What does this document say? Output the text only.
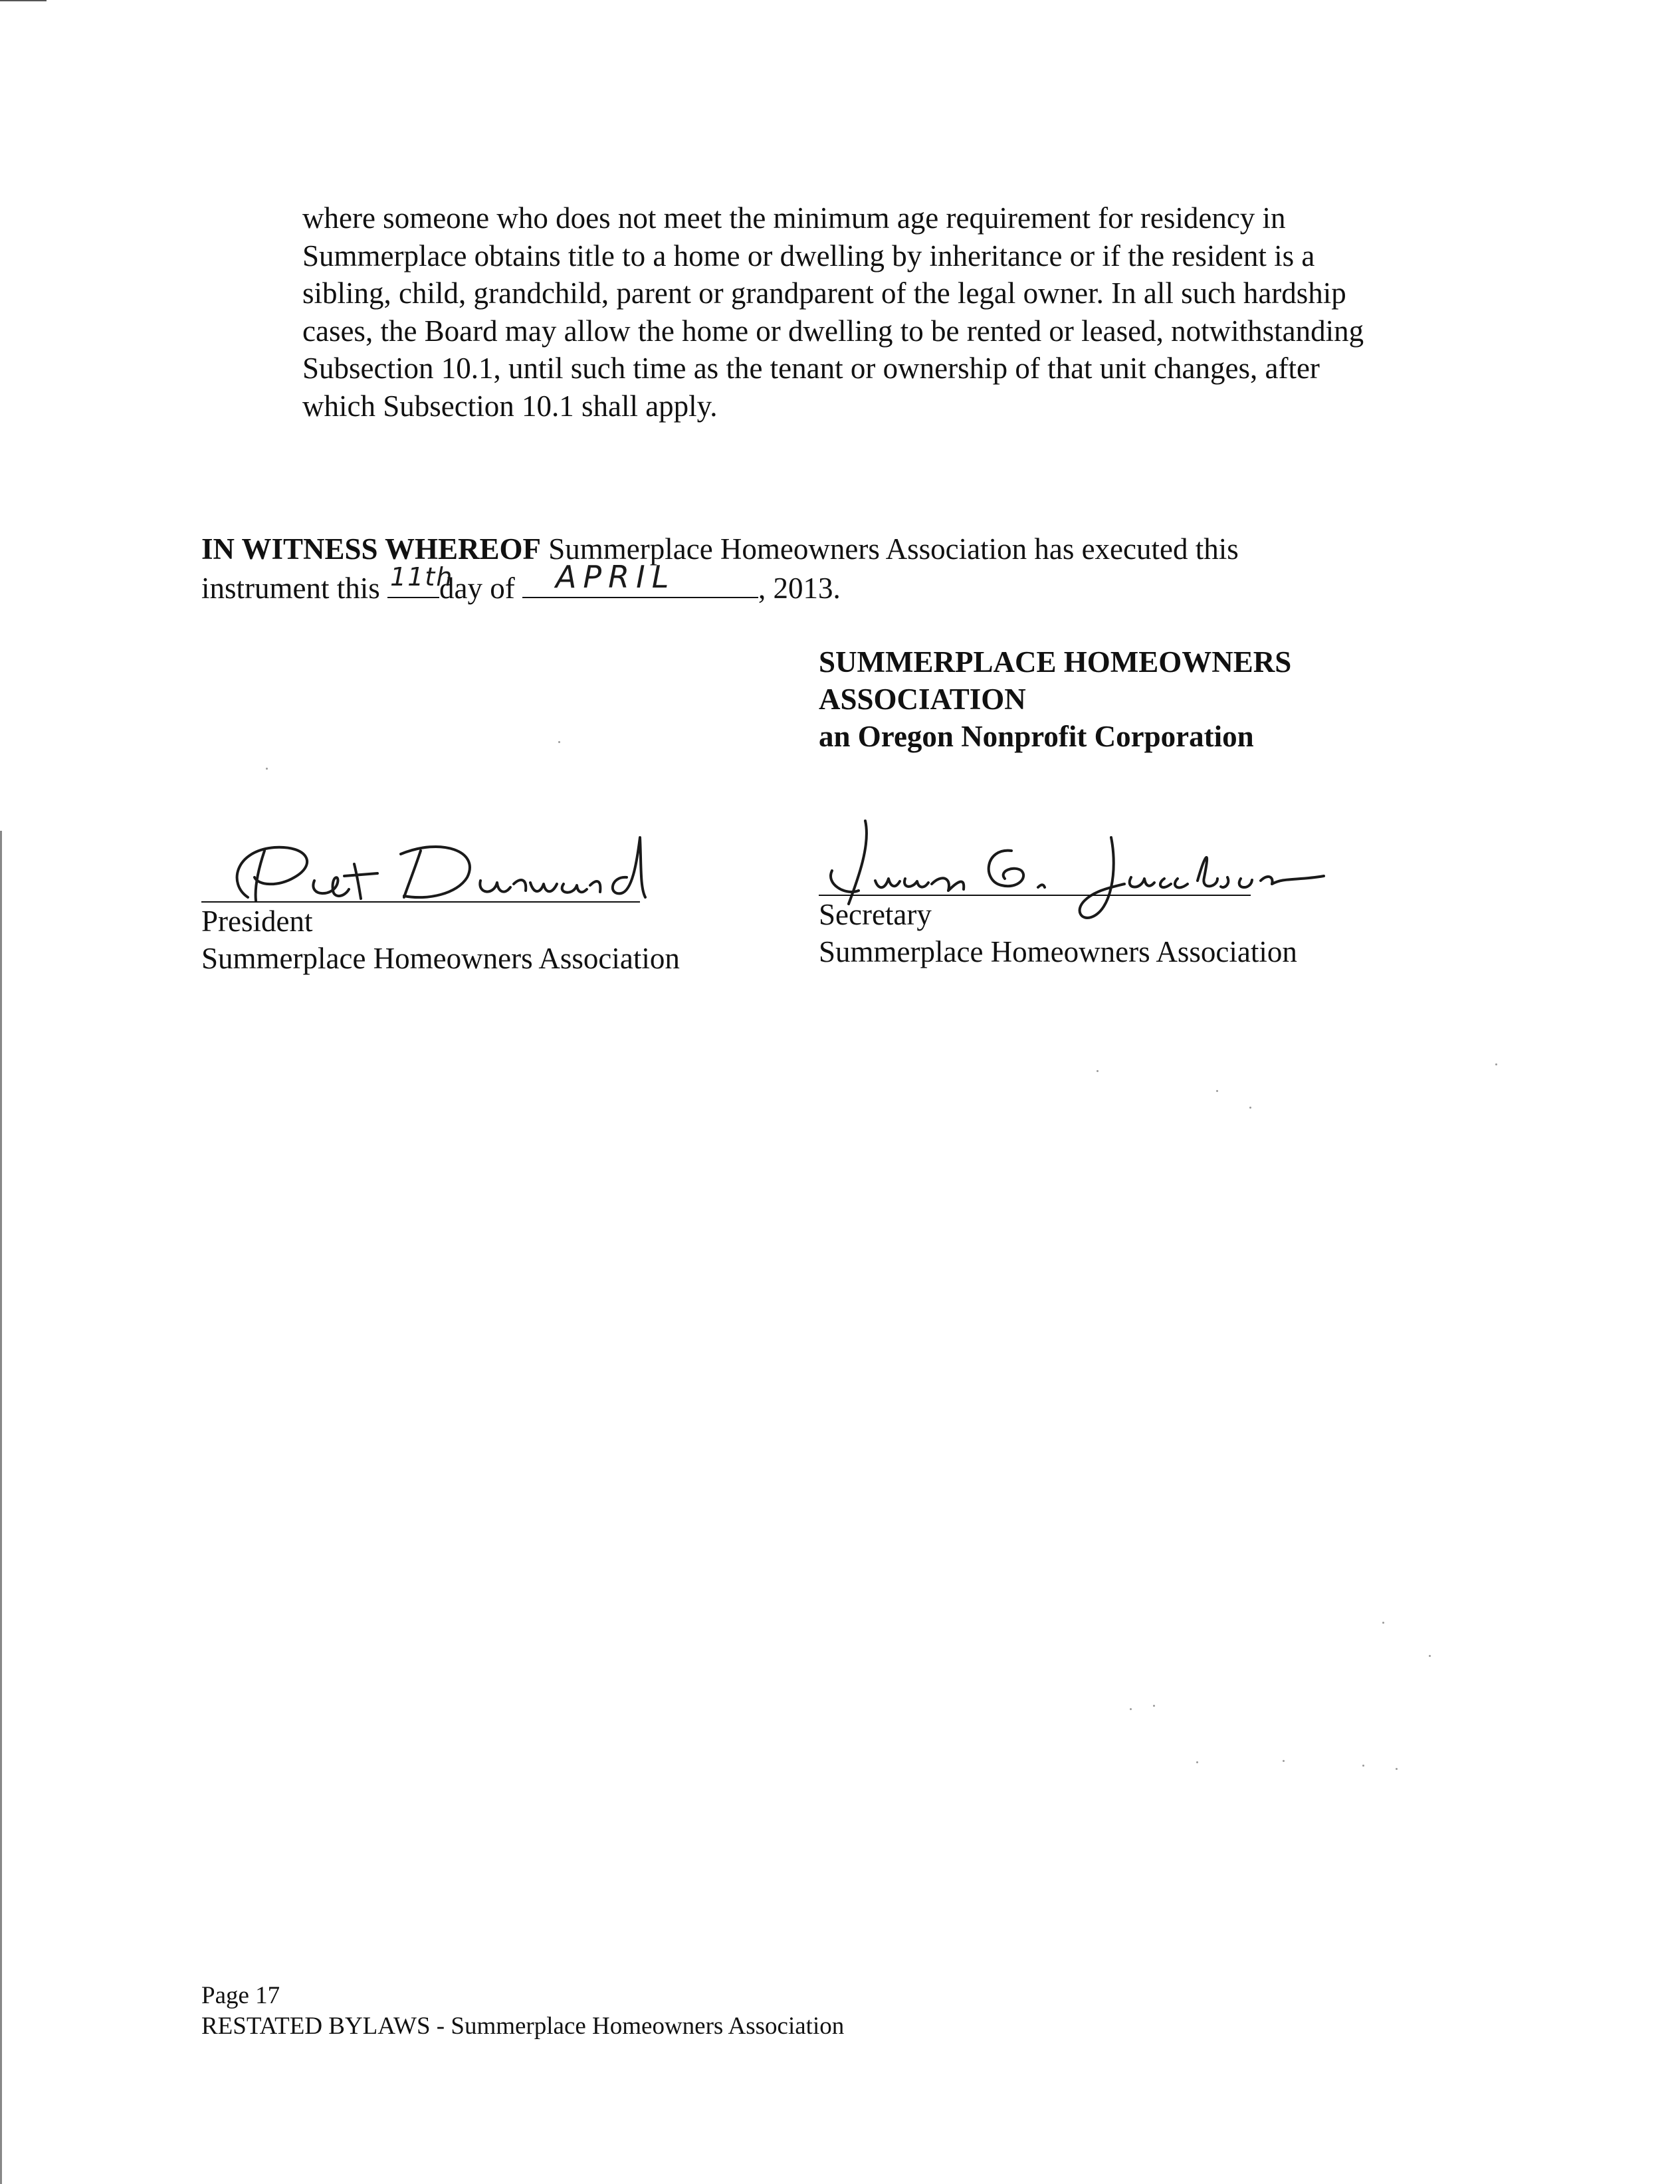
where someone who does not meet the minimum age requirement for residency in
Summerplace obtains title to a home or dwelling by inheritance or if the resident is a
sibling, child, grandchild, parent or grandparent of the legal owner. In all such hardship
cases, the Board may allow the home or dwelling to be rented or leased, notwithstanding
Subsection 10.1, until such time as the tenant or ownership of that unit changes, after
which Subsection 10.1 shall apply.
IN WITNESS WHEREOF Summerplace Homeowners Association has executed this
instrument this 11th
day of APRIL	, 2013.
SUMMERPLACE HOMEOWNERS
ASSOCIATION
an Oregon Nonprofit Corporation
President
Summerplace Homeowners Association
Secretary
Summerplace Homeowners Association
Page 17
RESTATED BYLAWS - Summerplace Homeowners Association
